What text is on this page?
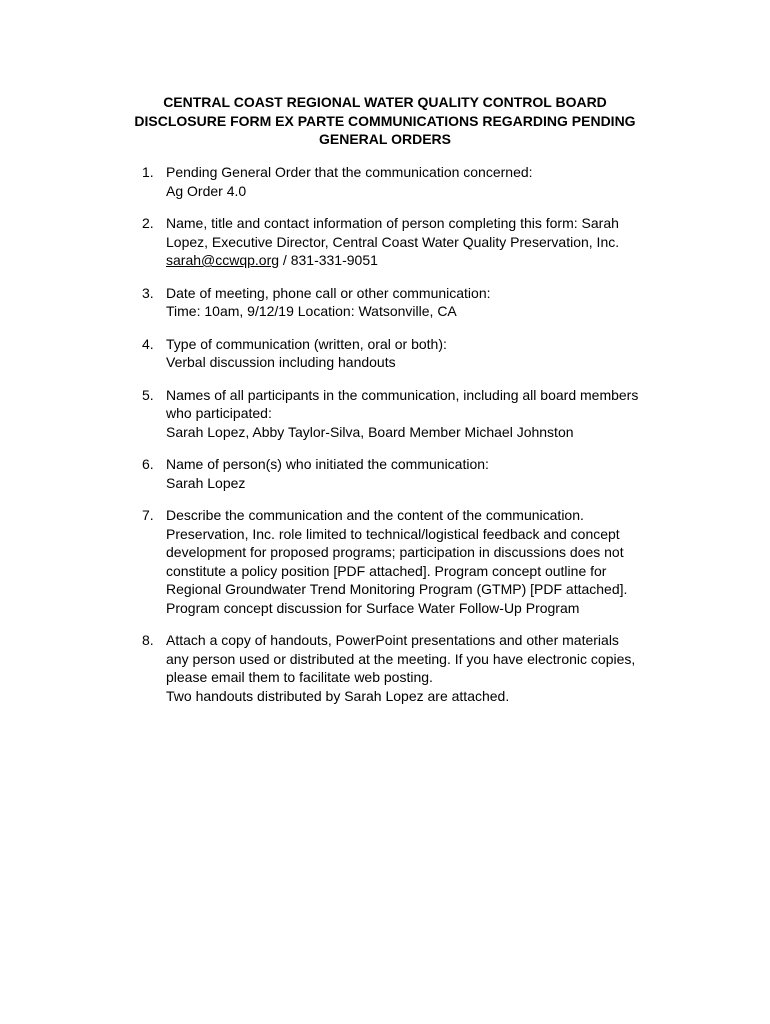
CENTRAL COAST REGIONAL WATER QUALITY CONTROL BOARD
DISCLOSURE FORM EX PARTE COMMUNICATIONS REGARDING PENDING
GENERAL ORDERS
1. Pending General Order that the communication concerned:
Ag Order 4.0
2. Name, title and contact information of person completing this form: Sarah
Lopez, Executive Director, Central Coast Water Quality Preservation, Inc.
sarah@ccwqp.org / 831-331-9051
3. Date of meeting, phone call or other communication:
Time: 10am, 9/12/19 Location: Watsonville, CA
4. Type of communication (written, oral or both):
Verbal discussion including handouts
5. Names of all participants in the communication, including all board members
who participated:
Sarah Lopez, Abby Taylor-Silva, Board Member Michael Johnston
6. Name of person(s) who initiated the communication:
Sarah Lopez
7. Describe the communication and the content of the communication.
Preservation, Inc. role limited to technical/logistical feedback and concept
development for proposed programs; participation in discussions does not
constitute a policy position [PDF attached]. Program concept outline for
Regional Groundwater Trend Monitoring Program (GTMP) [PDF attached].
Program concept discussion for Surface Water Follow-Up Program
8. Attach a copy of handouts, PowerPoint presentations and other materials
any person used or distributed at the meeting. If you have electronic copies,
please email them to facilitate web posting.
Two handouts distributed by Sarah Lopez are attached.
